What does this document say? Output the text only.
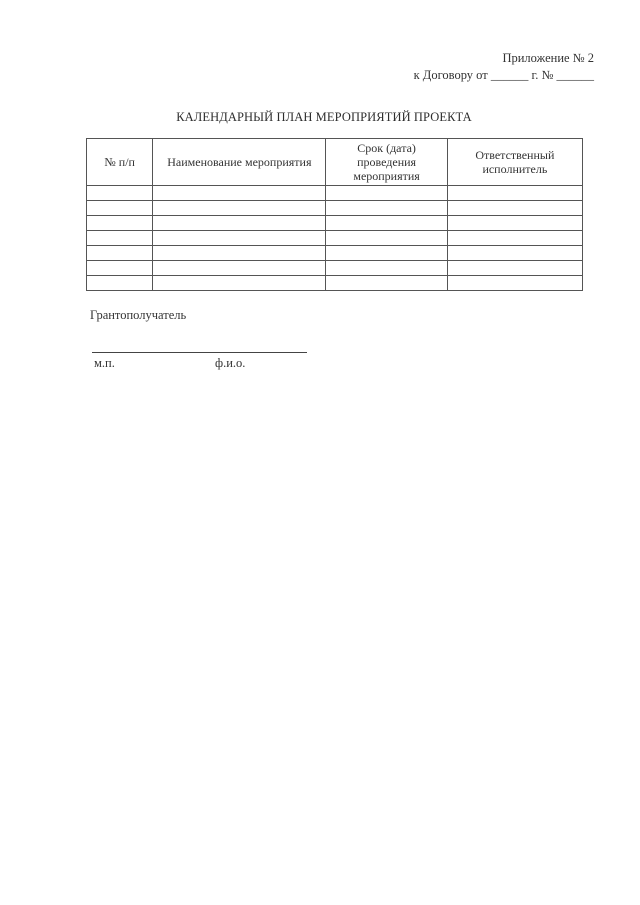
Приложение № 2
к Договору от ______ г. № ______
КАЛЕНДАРНЫЙ ПЛАН МЕРОПРИЯТИЙ ПРОЕКТА
№ п/п	Наименование мероприятия	Срок (дата) проведения мероприятия	Ответственный исполнитель

Грантополучатель
м.п.	ф.и.о.
